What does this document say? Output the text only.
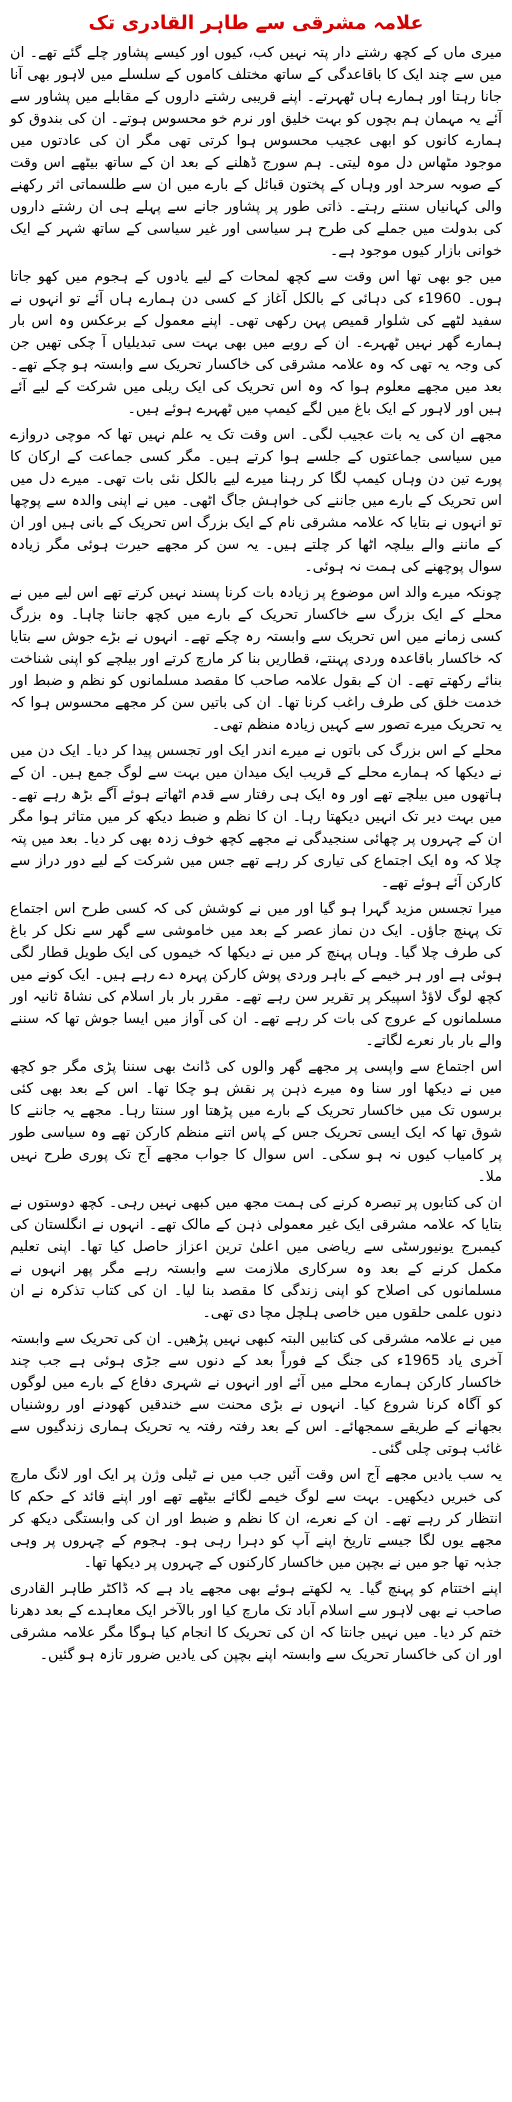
علامہ مشرقی سے طاہر القادری تک

میری ماں کے کچھ رشتے دار پتہ نہیں کب، کیوں اور کیسے پشاور چلے گئے تھے۔ ان میں سے چند ایک کا باقاعدگی کے ساتھ مختلف کاموں کے سلسلے میں لاہور بھی آنا جانا رہتا اور ہمارے ہاں ٹھہرتے۔ اپنے قریبی رشتے داروں کے مقابلے میں پشاور سے آئے یہ مہمان ہم بچوں کو بہت خلیق اور نرم خو محسوس ہوتے۔ ان کی بندوق کو ہمارے کانوں کو ابھی عجیب محسوس ہوا کرتی تھی مگر ان کی عادتوں میں موجود مٹھاس دل موہ لیتی۔ ہم سورج ڈھلنے کے بعد ان کے ساتھ بیٹھے اس وقت کے صوبہ سرحد اور وہاں کے پختون قبائل کے بارے میں ان سے طلسماتی اثر رکھنے والی کہانیاں سنتے رہتے۔ ذاتی طور پر پشاور جانے سے پہلے ہی ان رشتے داروں کی بدولت میں جملے کی طرح ہر سیاسی اور غیر سیاسی کے ساتھ شہر کے ایک خوانی بازار کیوں موجود ہے۔

میں جو بھی تھا اس وقت سے کچھ لمحات کے لیے یادوں کے ہجوم میں کھو جاتا ہوں۔ 1960ء کی دہائی کے بالکل آغاز کے کسی دن ہمارے ہاں آئے تو انہوں نے سفید لٹھے کی شلوار قمیص پہن رکھی تھی۔ اپنے معمول کے برعکس وہ اس بار ہمارے گھر نہیں ٹھہرے۔ ان کے رویے میں بھی بہت سی تبدیلیاں آ چکی تھیں جن کی وجہ یہ تھی کہ وہ علامہ مشرقی کی خاکسار تحریک سے وابستہ ہو چکے تھے۔ بعد میں مجھے معلوم ہوا کہ وہ اس تحریک کی ایک ریلی میں شرکت کے لیے آئے ہیں اور لاہور کے ایک باغ میں لگے کیمپ میں ٹھہرے ہوئے ہیں۔

مجھے ان کی یہ بات عجیب لگی۔ اس وقت تک یہ علم نہیں تھا کہ موچی دروازے میں سیاسی جماعتوں کے جلسے ہوا کرتے ہیں۔ مگر کسی جماعت کے ارکان کا پورے تین دن وہاں کیمپ لگا کر رہنا میرے لیے بالکل نئی بات تھی۔ میرے دل میں اس تحریک کے بارے میں جاننے کی خواہش جاگ اٹھی۔ میں نے اپنی والدہ سے پوچھا تو انہوں نے بتایا کہ علامہ مشرقی نام کے ایک بزرگ اس تحریک کے بانی ہیں اور ان کے ماننے والے بیلچہ اٹھا کر چلتے ہیں۔ یہ سن کر مجھے حیرت ہوئی مگر زیادہ سوال پوچھنے کی ہمت نہ ہوئی۔

چونکہ میرے والد اس موضوع پر زیادہ بات کرنا پسند نہیں کرتے تھے اس لیے میں نے محلے کے ایک بزرگ سے خاکسار تحریک کے بارے میں کچھ جاننا چاہا۔ وہ بزرگ کسی زمانے میں اس تحریک سے وابستہ رہ چکے تھے۔ انہوں نے بڑے جوش سے بتایا کہ خاکسار باقاعدہ وردی پہنتے، قطاریں بنا کر مارچ کرتے اور بیلچے کو اپنی شناخت بنائے رکھتے تھے۔ ان کے بقول علامہ صاحب کا مقصد مسلمانوں کو نظم و ضبط اور خدمت خلق کی طرف راغب کرنا تھا۔ ان کی باتیں سن کر مجھے محسوس ہوا کہ یہ تحریک میرے تصور سے کہیں زیادہ منظم تھی۔

محلے کے اس بزرگ کی باتوں نے میرے اندر ایک اور تجسس پیدا کر دیا۔ ایک دن میں نے دیکھا کہ ہمارے محلے کے قریب ایک میدان میں بہت سے لوگ جمع ہیں۔ ان کے ہاتھوں میں بیلچے تھے اور وہ ایک ہی رفتار سے قدم اٹھاتے ہوئے آگے بڑھ رہے تھے۔ میں بہت دیر تک انہیں دیکھتا رہا۔ ان کا نظم و ضبط دیکھ کر میں متاثر ہوا مگر ان کے چہروں پر چھائی سنجیدگی نے مجھے کچھ خوف زدہ بھی کر دیا۔ بعد میں پتہ چلا کہ وہ ایک اجتماع کی تیاری کر رہے تھے جس میں شرکت کے لیے دور دراز سے کارکن آئے ہوئے تھے۔

میرا تجسس مزید گہرا ہو گیا اور میں نے کوشش کی کہ کسی طرح اس اجتماع تک پہنچ جاؤں۔ ایک دن نماز عصر کے بعد میں خاموشی سے گھر سے نکل کر باغ کی طرف چلا گیا۔ وہاں پہنچ کر میں نے دیکھا کہ خیموں کی ایک طویل قطار لگی ہوئی ہے اور ہر خیمے کے باہر وردی پوش کارکن پہرہ دے رہے ہیں۔ ایک کونے میں کچھ لوگ لاؤڈ اسپیکر پر تقریر سن رہے تھے۔ مقرر بار بار اسلام کی نشاۃ ثانیہ اور مسلمانوں کے عروج کی بات کر رہے تھے۔ ان کی آواز میں ایسا جوش تھا کہ سننے والے بار بار نعرے لگاتے۔

اس اجتماع سے واپسی پر مجھے گھر والوں کی ڈانٹ بھی سننا پڑی مگر جو کچھ میں نے دیکھا اور سنا وہ میرے ذہن پر نقش ہو چکا تھا۔ اس کے بعد بھی کئی برسوں تک میں خاکسار تحریک کے بارے میں پڑھتا اور سنتا رہا۔ مجھے یہ جاننے کا شوق تھا کہ ایک ایسی تحریک جس کے پاس اتنے منظم کارکن تھے وہ سیاسی طور پر کامیاب کیوں نہ ہو سکی۔ اس سوال کا جواب مجھے آج تک پوری طرح نہیں ملا۔

ان کی کتابوں پر تبصرہ کرنے کی ہمت مجھ میں کبھی نہیں رہی۔ کچھ دوستوں نے بتایا کہ علامہ مشرقی ایک غیر معمولی ذہن کے مالک تھے۔ انہوں نے انگلستان کی کیمبرج یونیورسٹی سے ریاضی میں اعلیٰ ترین اعزاز حاصل کیا تھا۔ اپنی تعلیم مکمل کرنے کے بعد وہ سرکاری ملازمت سے وابستہ رہے مگر پھر انہوں نے مسلمانوں کی اصلاح کو اپنی زندگی کا مقصد بنا لیا۔ ان کی کتاب تذکرہ نے ان دنوں علمی حلقوں میں خاصی ہلچل مچا دی تھی۔

میں نے علامہ مشرقی کی کتابیں البتہ کبھی نہیں پڑھیں۔ ان کی تحریک سے وابستہ آخری یاد 1965ء کی جنگ کے فوراً بعد کے دنوں سے جڑی ہوئی ہے جب چند خاکسار کارکن ہمارے محلے میں آئے اور انہوں نے شہری دفاع کے بارے میں لوگوں کو آگاہ کرنا شروع کیا۔ انہوں نے بڑی محنت سے خندقیں کھودنے اور روشنیاں بجھانے کے طریقے سمجھائے۔ اس کے بعد رفتہ رفتہ یہ تحریک ہماری زندگیوں سے غائب ہوتی چلی گئی۔

یہ سب یادیں مجھے آج اس وقت آئیں جب میں نے ٹیلی وژن پر ایک اور لانگ مارچ کی خبریں دیکھیں۔ بہت سے لوگ خیمے لگائے بیٹھے تھے اور اپنے قائد کے حکم کا انتظار کر رہے تھے۔ ان کے نعرے، ان کا نظم و ضبط اور ان کی وابستگی دیکھ کر مجھے یوں لگا جیسے تاریخ اپنے آپ کو دہرا رہی ہو۔ ہجوم کے چہروں پر وہی جذبہ تھا جو میں نے بچپن میں خاکسار کارکنوں کے چہروں پر دیکھا تھا۔

اپنے اختتام کو پہنچ گیا۔ یہ لکھتے ہوئے بھی مجھے یاد ہے کہ ڈاکٹر طاہر القادری صاحب نے بھی لاہور سے اسلام آباد تک مارچ کیا اور بالآخر ایک معاہدے کے بعد دھرنا ختم کر دیا۔ میں نہیں جانتا کہ ان کی تحریک کا انجام کیا ہوگا مگر علامہ مشرقی اور ان کی خاکسار تحریک سے وابستہ اپنے بچپن کی یادیں ضرور تازہ ہو گئیں۔
